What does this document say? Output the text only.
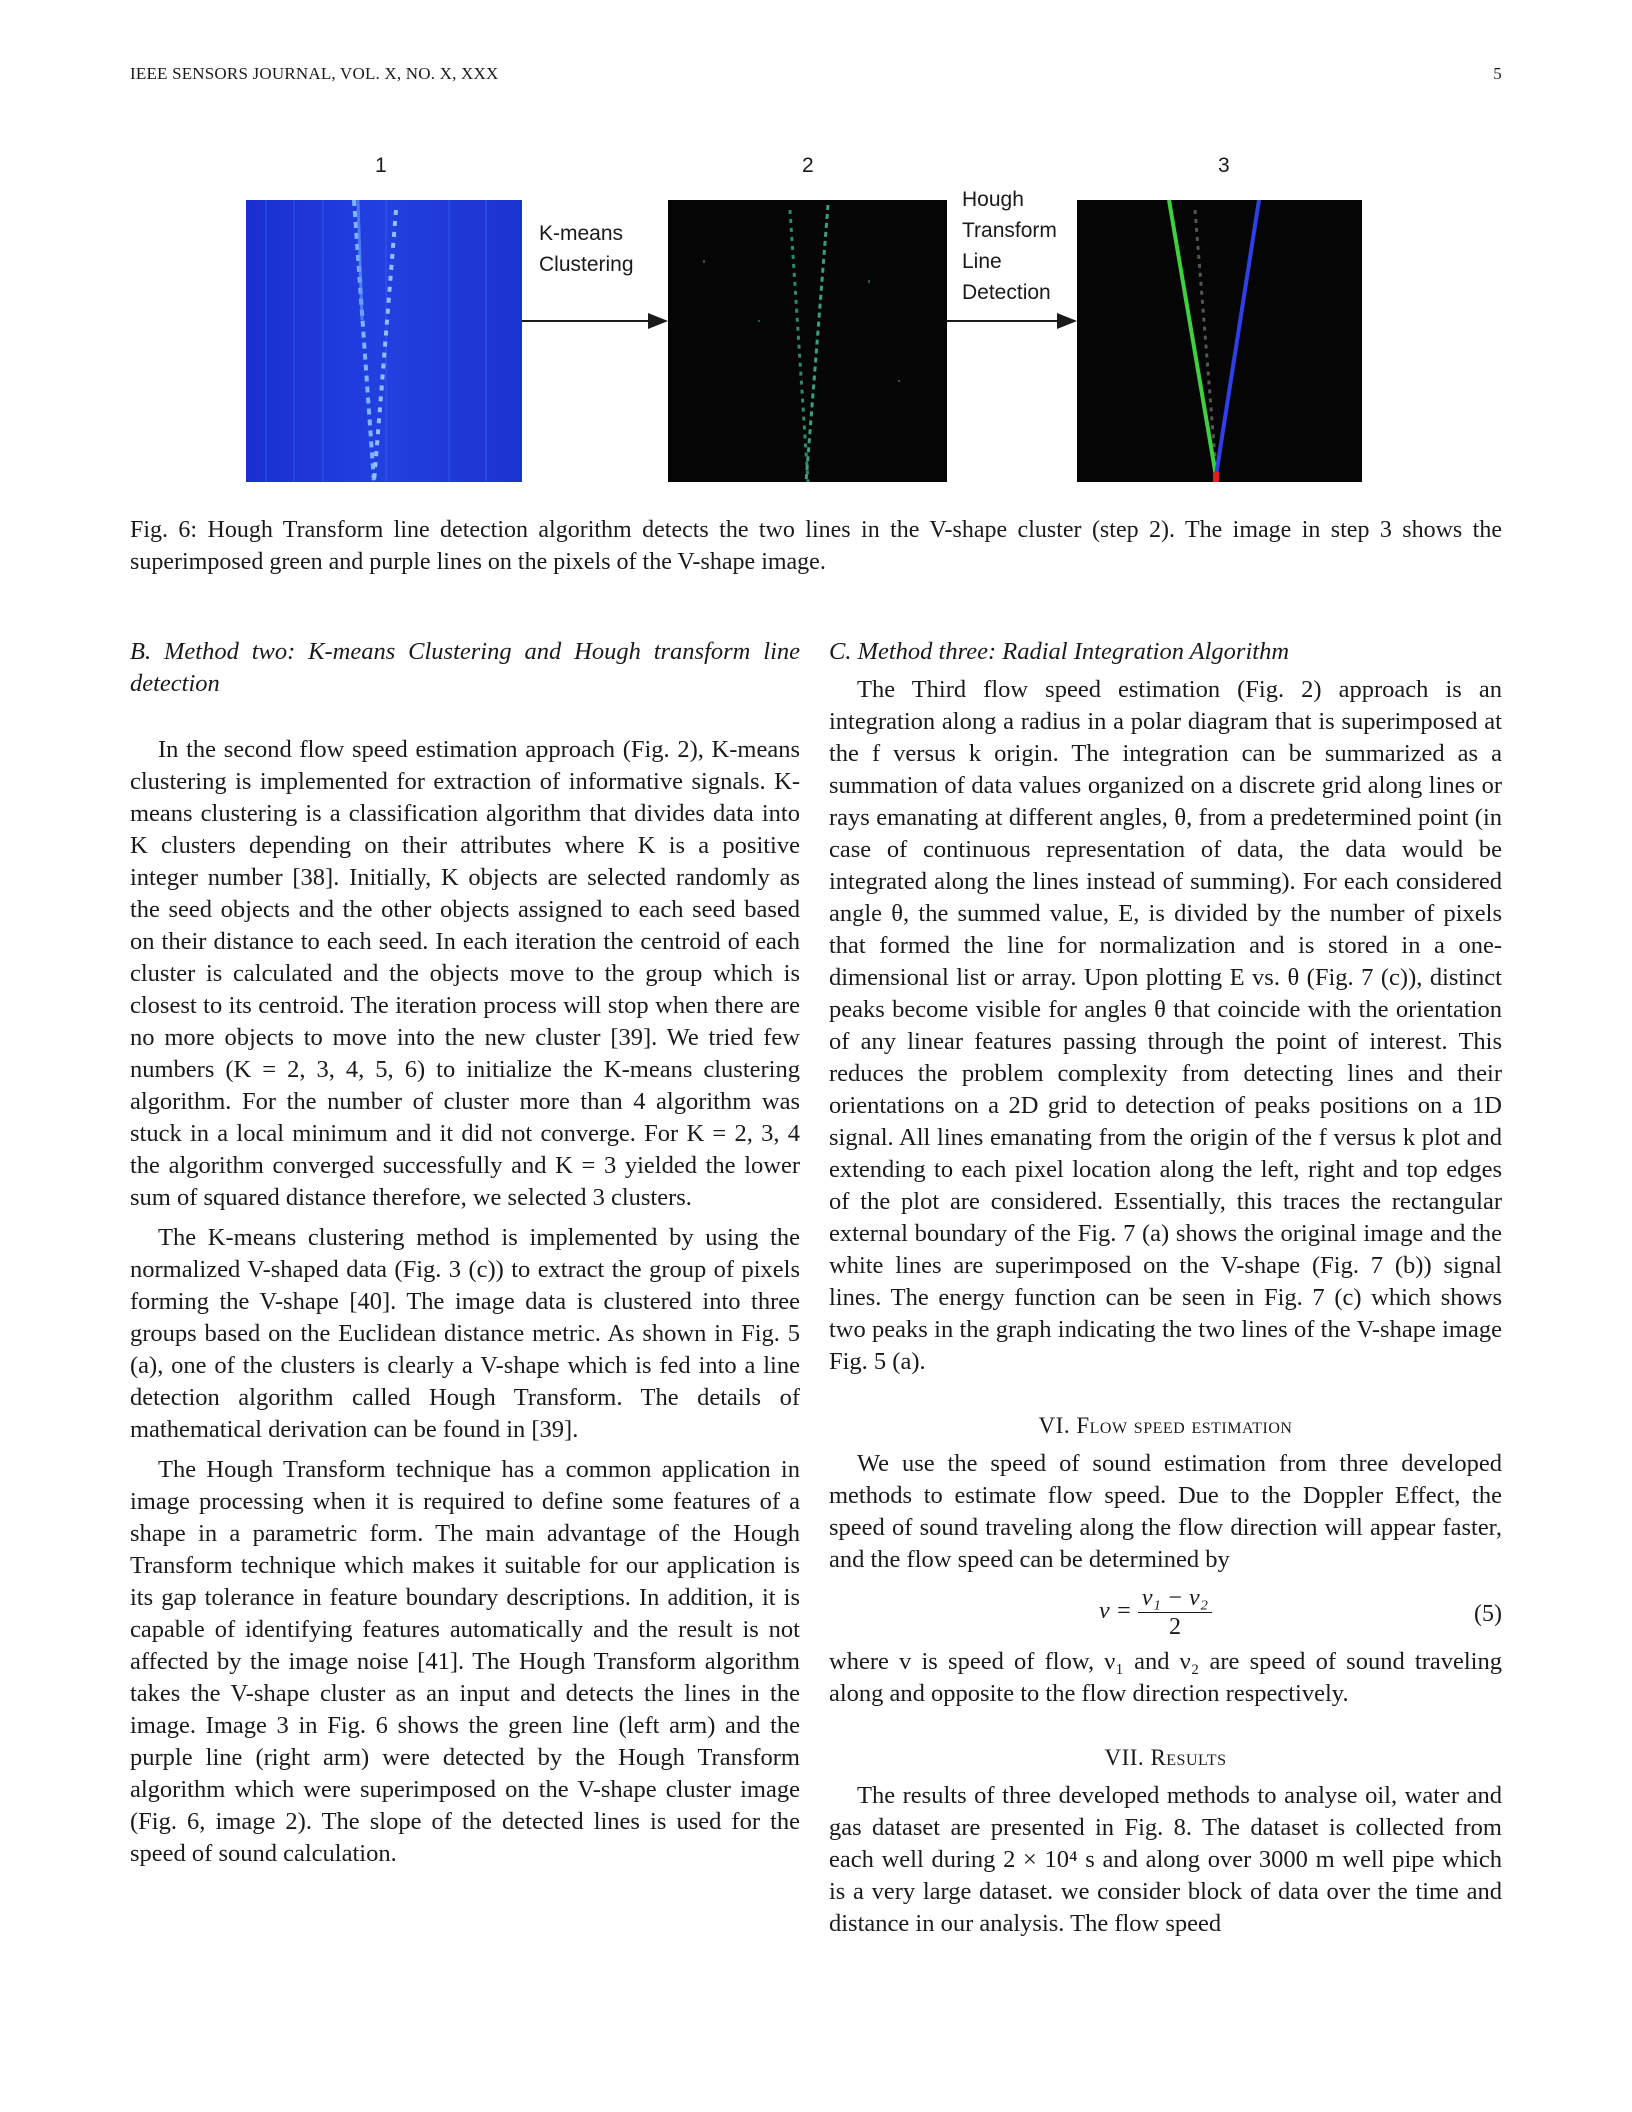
IEEE SENSORS JOURNAL, VOL. X, NO. X, XXX	5
1	2	3
K-means
Clustering
Hough
Transform
Line
Detection
Fig. 6: Hough Transform line detection algorithm detects the two lines in the V-shape cluster (step 2). The image in step 3 shows the superimposed green and purple lines on the pixels of the V-shape image.

B. Method two: K-means Clustering and Hough transform line detection

In the second flow speed estimation approach (Fig. 2), K-means clustering is implemented for extraction of informative signals. K-means clustering is a classification algorithm that divides data into K clusters depending on their attributes where K is a positive integer number [38]. Initially, K objects are selected randomly as the seed objects and the other objects assigned to each seed based on their distance to each seed. In each iteration the centroid of each cluster is calculated and the objects move to the group which is closest to its centroid. The iteration process will stop when there are no more objects to move into the new cluster [39]. We tried few numbers (K = 2, 3, 4, 5, 6) to initialize the K-means clustering algorithm. For the number of cluster more than 4 algorithm was stuck in a local minimum and it did not converge. For K = 2, 3, 4 the algorithm converged successfully and K = 3 yielded the lower sum of squared distance therefore, we selected 3 clusters.

The K-means clustering method is implemented by using the normalized V-shaped data (Fig. 3 (c)) to extract the group of pixels forming the V-shape [40]. The image data is clustered into three groups based on the Euclidean distance metric. As shown in Fig. 5 (a), one of the clusters is clearly a V-shape which is fed into a line detection algorithm called Hough Transform. The details of mathematical derivation can be found in [39].

The Hough Transform technique has a common application in image processing when it is required to define some features of a shape in a parametric form. The main advantage of the Hough Transform technique which makes it suitable for our application is its gap tolerance in feature boundary descriptions. In addition, it is capable of identifying features automatically and the result is not affected by the image noise [41]. The Hough Transform algorithm takes the V-shape cluster as an input and detects the lines in the image. Image 3 in Fig. 6 shows the green line (left arm) and the purple line (right arm) were detected by the Hough Transform algorithm which were superimposed on the V-shape cluster image (Fig. 6, image 2). The slope of the detected lines is used for the speed of sound calculation.

C. Method three: Radial Integration Algorithm

The Third flow speed estimation (Fig. 2) approach is an integration along a radius in a polar diagram that is superimposed at the f versus k origin. The integration can be summarized as a summation of data values organized on a discrete grid along lines or rays emanating at different angles, θ, from a predetermined point (in case of continuous representation of data, the data would be integrated along the lines instead of summing). For each considered angle θ, the summed value, E, is divided by the number of pixels that formed the line for normalization and is stored in a one-dimensional list or array. Upon plotting E vs. θ (Fig. 7 (c)), distinct peaks become visible for angles θ that coincide with the orientation of any linear features passing through the point of interest. This reduces the problem complexity from detecting lines and their orientations on a 2D grid to detection of peaks positions on a 1D signal. All lines emanating from the origin of the f versus k plot and extending to each pixel location along the left, right and top edges of the plot are considered. Essentially, this traces the rectangular external boundary of the Fig. 7 (a) shows the original image and the white lines are superimposed on the V-shape (Fig. 7 (b)) signal lines. The energy function can be seen in Fig. 7 (c) which shows two peaks in the graph indicating the two lines of the V-shape image Fig. 5 (a).

VI. Flow speed estimation

We use the speed of sound estimation from three developed methods to estimate flow speed. Due to the Doppler Effect, the speed of sound traveling along the flow direction will appear faster, and the flow speed can be determined by

$v = \frac{\text{ν₁ − ν₂}}{2}$	(5)

where v is speed of flow, ν₁ and ν₂ are speed of sound traveling along and opposite to the flow direction respectively.

VII. Results

The results of three developed methods to analyse oil, water and gas dataset are presented in Fig. 8. The dataset is collected from each well during 2 × 10⁴ s and along over 3000 m well pipe which is a very large dataset. we consider block of data over the time and distance in our analysis. The flow speed
